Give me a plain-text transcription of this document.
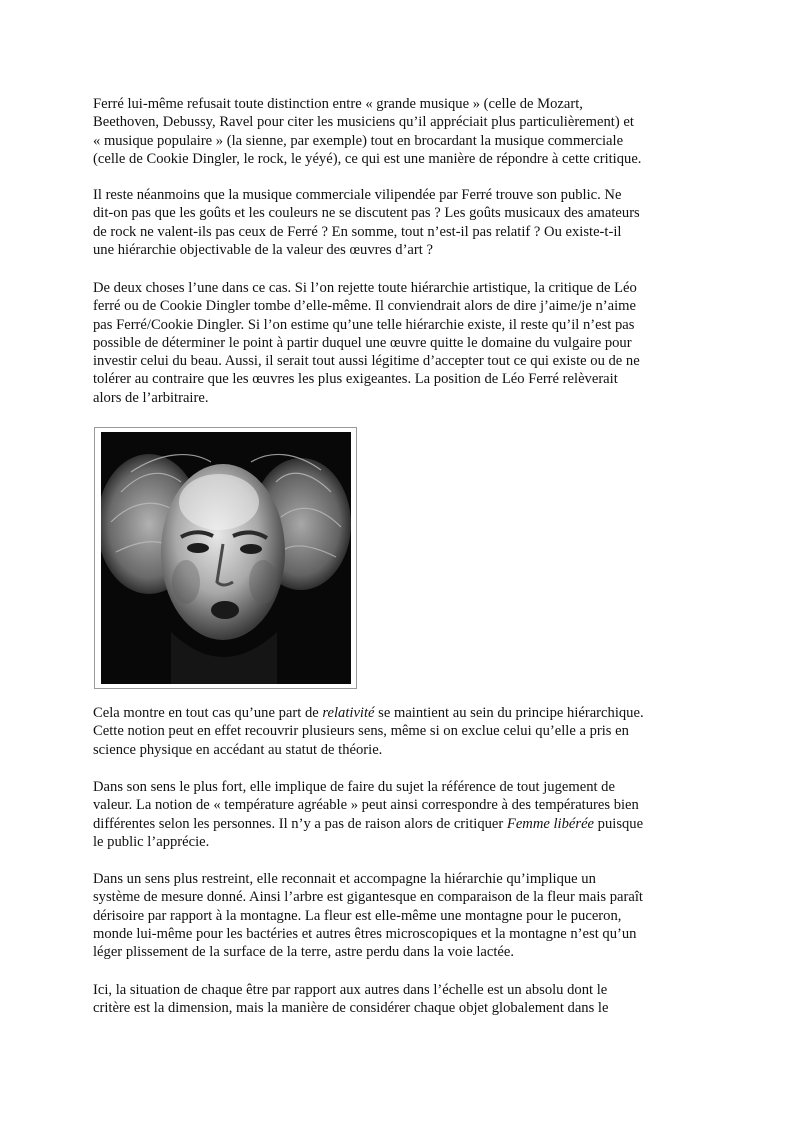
Ferré lui-même refusait toute distinction entre « grande musique » (celle de Mozart,
Beethoven, Debussy, Ravel pour citer les musiciens qu’il appréciait plus particulièrement) et
« musique populaire » (la sienne, par exemple) tout en brocardant la musique commerciale
(celle de Cookie Dingler, le rock, le yéyé), ce qui est une manière de répondre à cette critique.

Il reste néanmoins que la musique commerciale vilipendée par Ferré trouve son public. Ne
dit-on pas que les goûts et les couleurs ne se discutent pas ? Les goûts musicaux des amateurs
de rock ne valent-ils pas ceux de Ferré ? En somme, tout n’est-il pas relatif ? Ou existe-t-il
une hiérarchie objectivable de la valeur des œuvres d’art ?

De deux choses l’une dans ce cas. Si l’on rejette toute hiérarchie artistique, la critique de Léo
ferré ou de Cookie Dingler tombe d’elle-même. Il conviendrait alors de dire j’aime/je n’aime
pas Ferré/Cookie Dingler. Si l’on estime qu’une telle hiérarchie existe, il reste qu’il n’est pas
possible de déterminer le point à partir duquel une œuvre quitte le domaine du vulgaire pour
investir celui du beau. Aussi, il serait tout aussi légitime d’accepter tout ce qui existe ou de ne
tolérer au contraire que les œuvres les plus exigeantes. La position de Léo Ferré relèverait
alors de l’arbitraire.

Cela montre en tout cas qu’une part de relativité se maintient au sein du principe hiérarchique.
Cette notion peut en effet recouvrir plusieurs sens, même si on exclue celui qu’elle a pris en
science physique en accédant au statut de théorie.

Dans son sens le plus fort, elle implique de faire du sujet la référence de tout jugement de
valeur. La notion de « température agréable » peut ainsi correspondre à des températures bien
différentes selon les personnes. Il n’y a pas de raison alors de critiquer Femme libérée puisque
le public l’apprécie.

Dans un sens plus restreint, elle reconnait et accompagne la hiérarchie qu’implique un
système de mesure donné. Ainsi l’arbre est gigantesque en comparaison de la fleur mais paraît
dérisoire par rapport à la montagne. La fleur est elle-même une montagne pour le puceron,
monde lui-même pour les bactéries et autres êtres microscopiques et la montagne n’est qu’un
léger plissement de la surface de la terre, astre perdu dans la voie lactée.

Ici, la situation de chaque être par rapport aux autres dans l’échelle est un absolu dont le
critère est la dimension, mais la manière de considérer chaque objet globalement dans le
